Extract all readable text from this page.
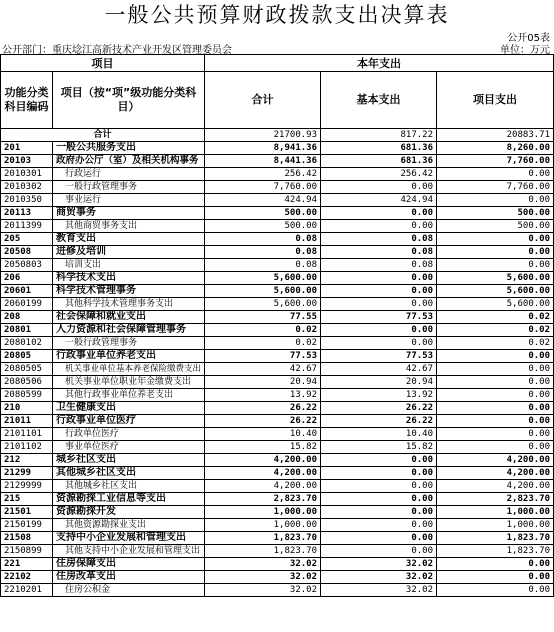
一般公共预算财政拨款支出决算表
公开05表
公开部门：重庆埝江高新技术产业开发区管理委员会	单位：万元
项目		本年支出		
功能分类科目编码	项目（按“项”级功能分类科目）	合计	基本支出	项目支出
合计		21700.93	817.22	20883.71
201	一般公共服务支出	8,941.36	681.36	8,260.00
20103	政府办公厅（室）及相关机构事务	8,441.36	681.36	7,760.00
2010301	行政运行	256.42	256.42	0.00
2010302	一般行政管理事务	7,760.00	0.00	7,760.00
2010350	事业运行	424.94	424.94	0.00
20113	商贸事务	500.00	0.00	500.00
2011399	其他商贸事务支出	500.00	0.00	500.00
205	教育支出	0.08	0.08	0.00
20508	进修及培训	0.08	0.08	0.00
2050803	培训支出	0.08	0.08	0.00
206	科学技术支出	5,600.00	0.00	5,600.00
20601	科学技术管理事务	5,600.00	0.00	5,600.00
2060199	其他科学技术管理事务支出	5,600.00	0.00	5,600.00
208	社会保障和就业支出	77.55	77.53	0.02
20801	人力资源和社会保障管理事务	0.02	0.00	0.02
2080102	一般行政管理事务	0.02	0.00	0.02
20805	行政事业单位养老支出	77.53	77.53	0.00
2080505	机关事业单位基本养老保险缴费支出	42.67	42.67	0.00
2080506	机关事业单位职业年金缴费支出	20.94	20.94	0.00
2080599	其他行政事业单位养老支出	13.92	13.92	0.00
210	卫生健康支出	26.22	26.22	0.00
21011	行政事业单位医疗	26.22	26.22	0.00
2101101	行政单位医疗	10.40	10.40	0.00
2101102	事业单位医疗	15.82	15.82	0.00
212	城乡社区支出	4,200.00	0.00	4,200.00
21299	其他城乡社区支出	4,200.00	0.00	4,200.00
2129999	其他城乡社区支出	4,200.00	0.00	4,200.00
215	资源勘探工业信息等支出	2,823.70	0.00	2,823.70
21501	资源勘探开发	1,000.00	0.00	1,000.00
2150199	其他资源勘探业支出	1,000.00	0.00	1,000.00
21508	支持中小企业发展和管理支出	1,823.70	0.00	1,823.70
2150899	其他支持中小企业发展和管理支出	1,823.70	0.00	1,823.70
221	住房保障支出	32.02	32.02	0.00
22102	住房改革支出	32.02	32.02	0.00
2210201	住房公积金	32.02	32.02	0.00
